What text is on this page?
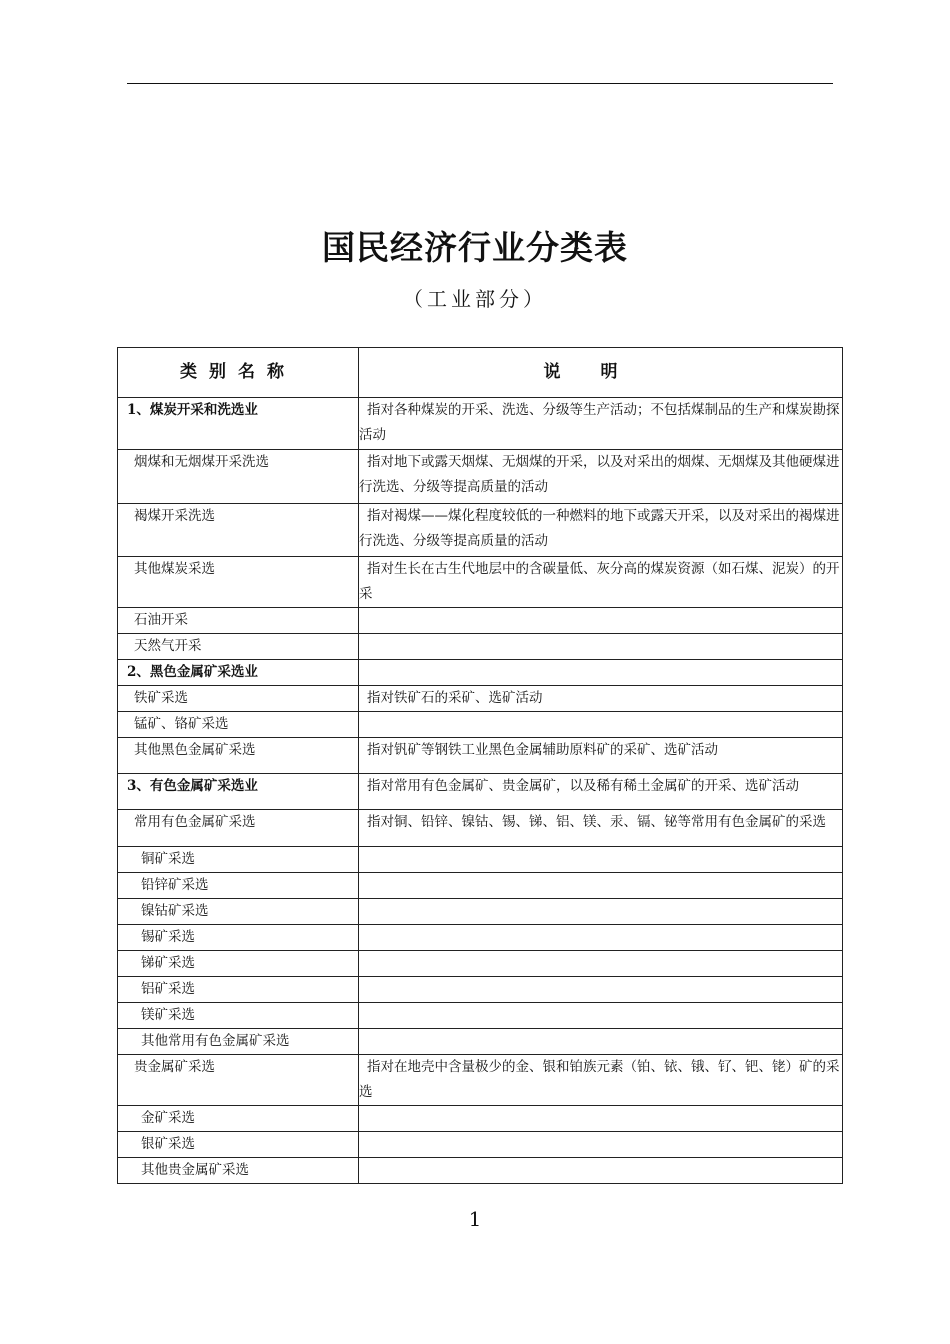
国民经济行业分类表
（工业部分）
类别名称	说明
1、煤炭开采和洗选业	指对各种煤炭的开采、洗选、分级等生产活动；不包括煤制品的生产和煤炭勘探活动
烟煤和无烟煤开采洗选	指对地下或露天烟煤、无烟煤的开采，以及对采出的烟煤、无烟煤及其他硬煤进行洗选、分级等提高质量的活动
褐煤开采洗选	指对褐煤——煤化程度较低的一种燃料的地下或露天开采，以及对采出的褐煤进行洗选、分级等提高质量的活动
其他煤炭采选	指对生长在古生代地层中的含碳量低、灰分高的煤炭资源（如石煤、泥炭）的开采
石油开采	
天然气开采	
2、黑色金属矿采选业	
铁矿采选	指对铁矿石的采矿、选矿活动
锰矿、铬矿采选	
其他黑色金属矿采选	指对钒矿等钢铁工业黑色金属辅助原料矿的采矿、选矿活动
3、有色金属矿采选业	指对常用有色金属矿、贵金属矿，以及稀有稀土金属矿的开采、选矿活动
常用有色金属矿采选	指对铜、铅锌、镍钴、锡、锑、铝、镁、汞、镉、铋等常用有色金属矿的采选
铜矿采选	
铅锌矿采选	
镍钴矿采选	
锡矿采选	
锑矿采选	
铝矿采选	
镁矿采选	
其他常用有色金属矿采选	
贵金属矿采选	指对在地壳中含量极少的金、银和铂族元素（铂、铱、锇、钌、钯、铑）矿的采选
金矿采选	
银矿采选	
其他贵金属矿采选	
1
